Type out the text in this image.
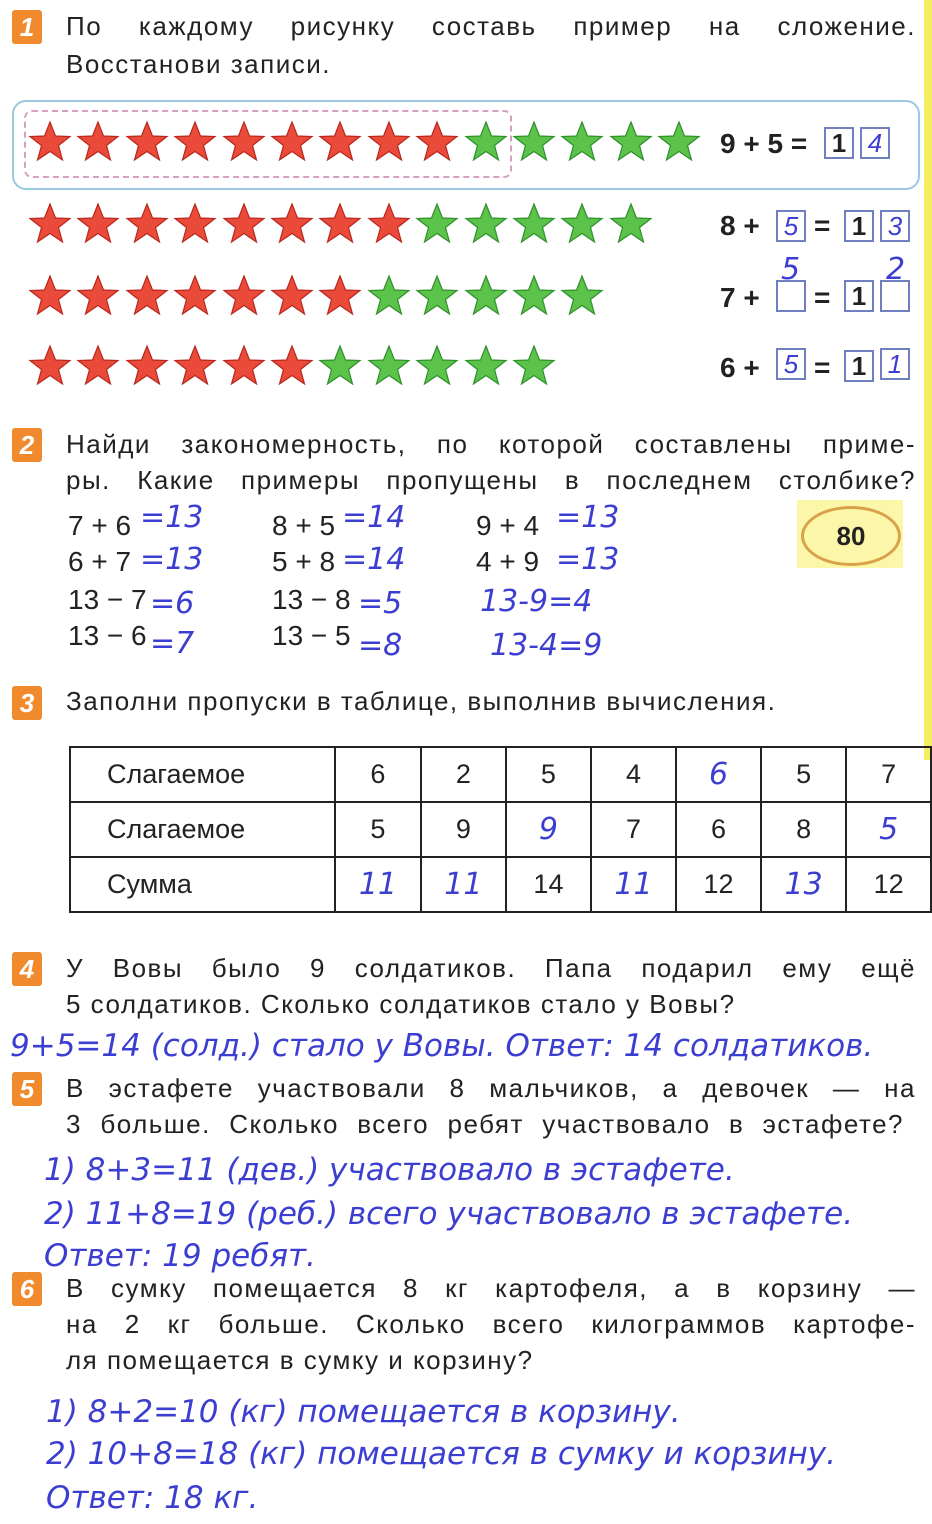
1 По каждому рисунку составь пример на сложение.
Восстанови записи.
9 + 5 = 1 4
8 + 5 = 1 3
7 +
5
= 1
2
6 + 5 = 1 1
2 Найди закономерность, по которой составлены приме-
ры. Какие примеры пропущены в последнем столбике?
7 + 6 =13
6 + 7 =13
13 − 7 =6
13 − 6 =7
8 + 5 =14
5 + 8 =14
13 − 8 =5
13 − 5 =8
9 + 4 =13
4 + 9 =13
13-9=4
13-4=9
80
3 Заполни пропуски в таблице, выполнив вычисления.
Слагаемое	6	2	5	4	6	5	7
Слагаемое	5	9	9	7	6	8	5
Сумма	11	11	14	11	12	13	12
4 У Вовы было 9 солдатиков. Папа подарил ему ещё
5 солдатиков. Сколько солдатиков стало у Вовы?
9+5=14 (солд.) стало у Вовы. Ответ: 14 солдатиков.
5 В эстафете участвовали 8 мальчиков, а девочек — на
3 больше. Сколько всего ребят участвовало в эстафете?
1) 8+3=11 (дев.) участвовало в эстафете.
2) 11+8=19 (реб.) всего участвовало в эстафете.
Ответ: 19 ребят.
6 В сумку помещается 8 кг картофеля, а в корзину —
на 2 кг больше. Сколько всего килограммов картофе-
ля помещается в сумку и корзину?
1) 8+2=10 (кг) помещается в корзину.
2) 10+8=18 (кг) помещается в сумку и корзину.
Ответ: 18 кг.
